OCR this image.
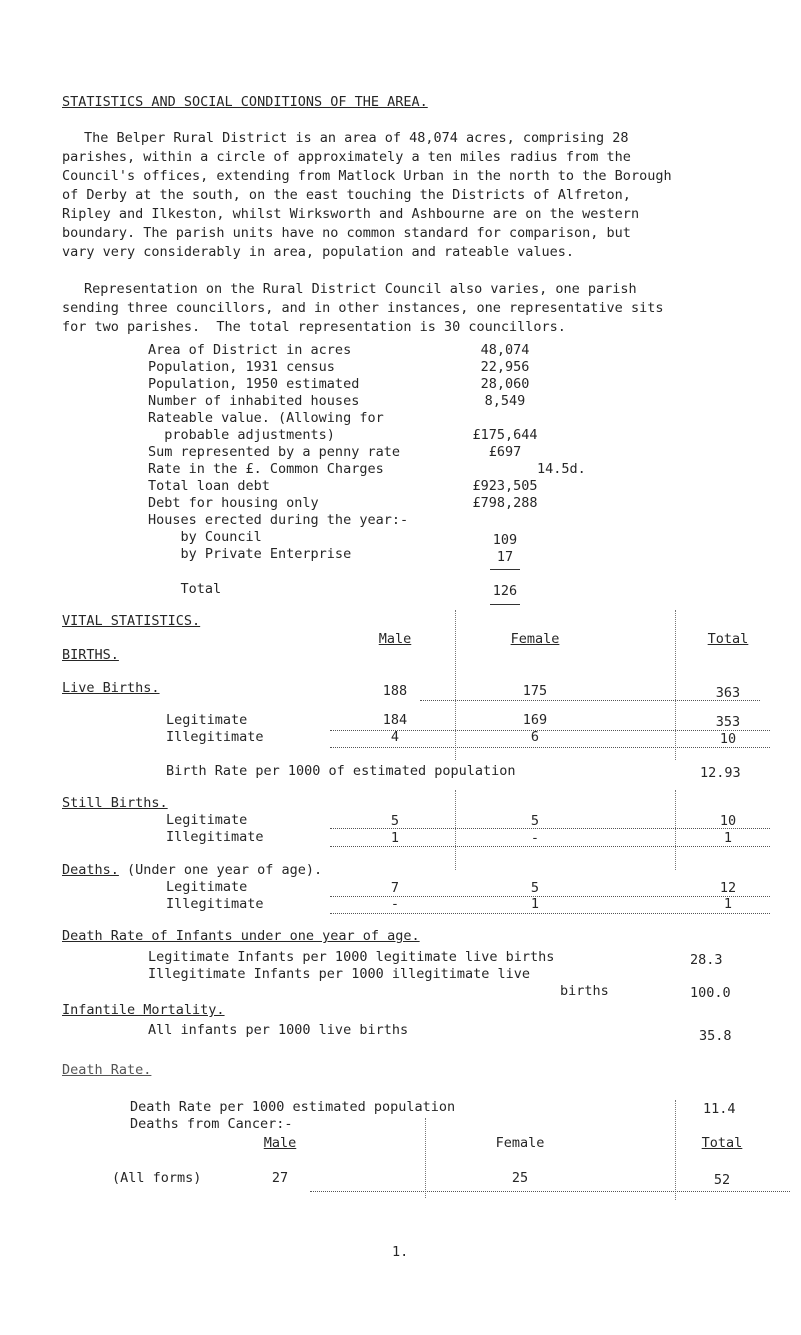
STATISTICS AND SOCIAL CONDITIONS OF THE AREA.
The Belper Rural District is an area of 48,074 acres, comprising 28
parishes, within a circle of approximately a ten miles radius from the
Council's offices, extending from Matlock Urban in the north to the Borough
of Derby at the south, on the east touching the Districts of Alfreton,
Ripley and Ilkeston, whilst Wirksworth and Ashbourne are on the western
boundary. The parish units have no common standard for comparison, but
vary very considerably in area, population and rateable values.
Representation on the Rural District Council also varies, one parish
sending three councillors, and in other instances, one representative sits
for two parishes.  The total representation is 30 councillors.
Area of District in acres	48,074
Population, 1931 census	22,956
Population, 1950 estimated	28,060
Number of inhabited houses	8,549
Rateable value. (Allowing for
probable adjustments)	£175,644
Sum represented by a penny rate	£697
Rate in the £. Common Charges	14.5d.
Total loan debt	£923,505
Debt for housing only	£798,288
Houses erected during the year:-
by Council	109
by Private Enterprise	17
Total	126
VITAL STATISTICS.
BIRTHS.
Male	Female	Total
Live Births.	188	175	363
Legitimate	184	169	353
Illegitimate	4	6	10
Birth Rate per 1000 of estimated population	12.93
Still Births.
Legitimate	5	5	10
Illegitimate	1	-	1
Deaths. (Under one year of age).
Legitimate	7	5	12
Illegitimate	-	1	1
Death Rate of Infants under one year of age.
Legitimate Infants per 1000 legitimate live births	28.3
Illegitimate Infants per 1000 illegitimate live
births	100.0
Infantile Mortality.
All infants per 1000 live births	35.8
Death Rate.
Death Rate per 1000 estimated population	11.4
Deaths from Cancer:-
Male	Female	Total
(All forms)	27	25	52
1.
